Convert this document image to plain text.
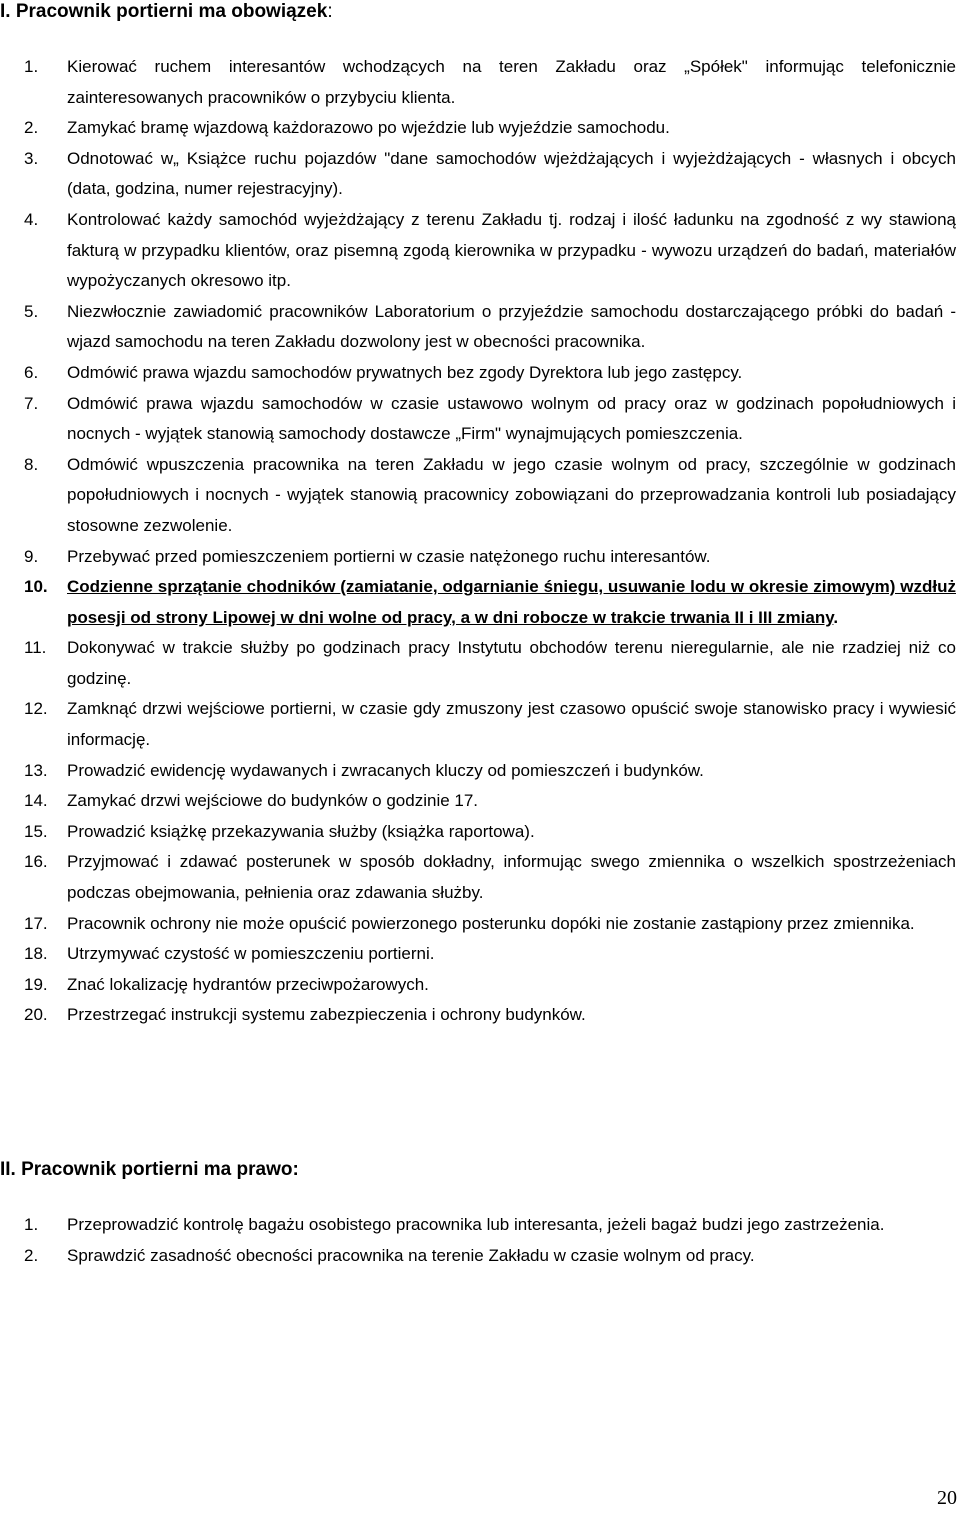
I. Pracownik portierni ma obowiązek:
1.	Kierować ruchem interesantów wchodzących na teren Zakładu oraz „Spółek" informując telefonicznie zainteresowanych pracowników o przybyciu klienta.
2.	Zamykać bramę wjazdową każdorazowo po wjeździe lub wyjeździe samochodu.
3.	Odnotować w„ Książce ruchu pojazdów "dane samochodów wjeżdżających i wyjeżdżających - własnych i obcych (data, godzina, numer rejestracyjny).
4.	Kontrolować każdy samochód wyjeżdżający z terenu Zakładu tj. rodzaj i ilość ładunku na zgodność z wy stawioną fakturą w przypadku klientów, oraz pisemną zgodą kierownika w przypadku - wywozu urządzeń do badań, materiałów wypożyczanych okresowo itp.
5.	Niezwłocznie zawiadomić pracowników Laboratorium o przyjeździe samochodu dostarczającego próbki do badań - wjazd samochodu na teren Zakładu dozwolony jest w obecności pracownika.
6.	Odmówić prawa wjazdu samochodów prywatnych bez zgody Dyrektora lub jego zastępcy.
7.	Odmówić prawa wjazdu samochodów w czasie ustawowo wolnym od pracy oraz w godzinach popołudniowych i nocnych - wyjątek stanowią samochody dostawcze „Firm" wynajmujących pomieszczenia.
8.	Odmówić wpuszczenia pracownika na teren Zakładu w jego czasie wolnym od pracy, szczególnie w godzinach popołudniowych i nocnych - wyjątek stanowią pracownicy zobowiązani do przeprowadzania kontroli lub posiadający stosowne zezwolenie.
9.	Przebywać przed pomieszczeniem portierni w czasie natężonego ruchu interesantów.
10.	Codzienne sprzątanie chodników (zamiatanie, odgarnianie śniegu, usuwanie lodu w okresie zimowym) wzdłuż posesji od strony Lipowej w dni wolne od pracy, a w dni robocze w trakcie trwania II i III zmiany.
11.	Dokonywać w trakcie służby po godzinach pracy Instytutu obchodów terenu nieregularnie, ale nie rzadziej niż co godzinę.
12.	Zamknąć drzwi wejściowe portierni, w czasie gdy zmuszony jest czasowo opuścić swoje stanowisko pracy i wywiesić informację.
13.	Prowadzić ewidencję wydawanych i zwracanych kluczy od pomieszczeń i budynków.
14.	Zamykać drzwi wejściowe do budynków o godzinie 17.
15.	Prowadzić książkę przekazywania służby (książka raportowa).
16.	Przyjmować i zdawać posterunek w sposób dokładny, informując swego zmiennika o wszelkich spostrzeżeniach podczas obejmowania, pełnienia oraz zdawania służby.
17.	Pracownik ochrony nie może opuścić powierzonego posterunku dopóki nie zostanie zastąpiony przez zmiennika.
18.	Utrzymywać czystość w pomieszczeniu portierni.
19.	Znać lokalizację hydrantów przeciwpożarowych.
20.	Przestrzegać instrukcji systemu zabezpieczenia i ochrony budynków.
II. Pracownik portierni ma prawo:
1.	Przeprowadzić kontrolę bagażu osobistego pracownika lub interesanta, jeżeli bagaż budzi jego zastrzeżenia.
2.	Sprawdzić zasadność obecności pracownika na terenie Zakładu w czasie wolnym od pracy.
20
